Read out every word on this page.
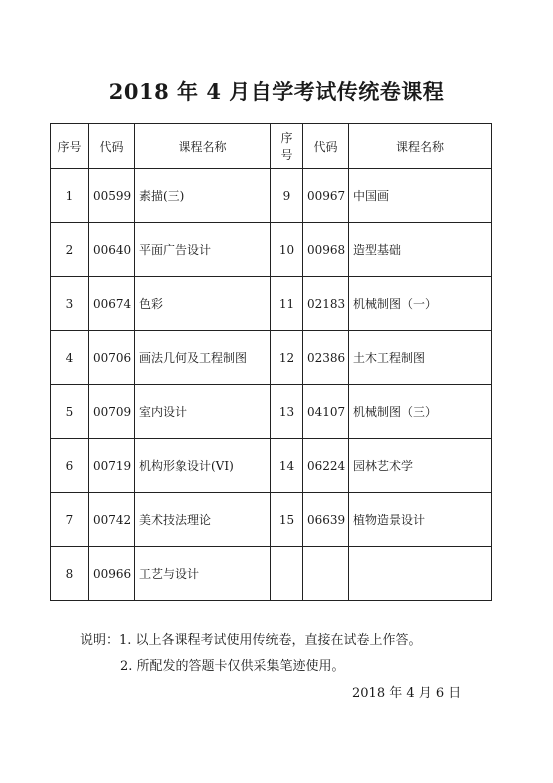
2018 年 4 月自学考试传统卷课程
序号	代码	课程名称	序号	代码	课程名称
1	00599	素描(三)	9	00967	中国画
2	00640	平面广告设计	10	00968	造型基础
3	00674	色彩	11	02183	机械制图（一）
4	00706	画法几何及工程制图	12	02386	土木工程制图
5	00709	室内设计	13	04107	机械制图（三）
6	00719	机构形象设计(VI)	14	06224	园林艺术学
7	00742	美术技法理论	15	06639	植物造景设计
8	00966	工艺与设计			
说明：1. 以上各课程考试使用传统卷，直接在试卷上作答。
2. 所配发的答题卡仅供采集笔迹使用。
2018 年 4 月 6 日
